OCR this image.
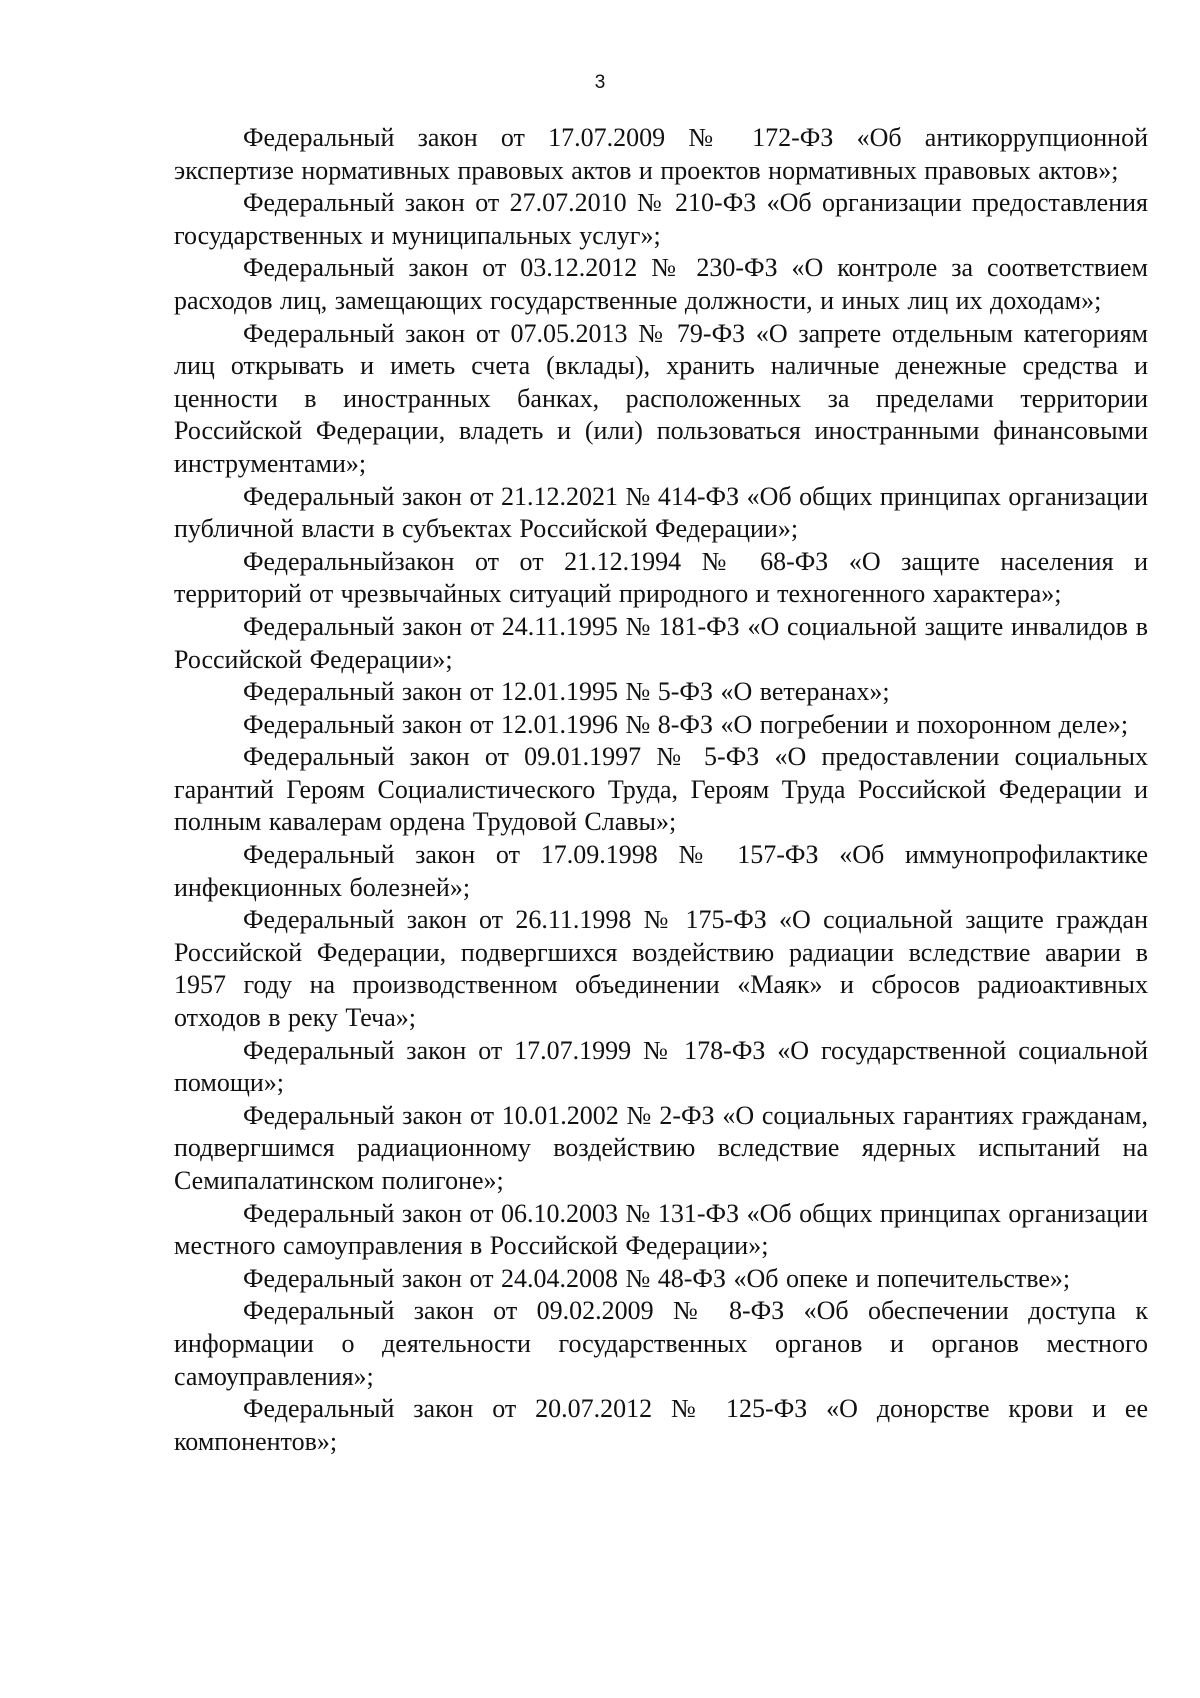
3

Федеральный закон от 17.07.2009 № 172-ФЗ «Об антикоррупционной экспертизе нормативных правовых актов и проектов нормативных правовых актов»;

Федеральный закон от 27.07.2010 № 210-ФЗ «Об организации предоставления государственных и муниципальных услуг»;

Федеральный закон от 03.12.2012 № 230-ФЗ «О контроле за соответствием расходов лиц, замещающих государственные должности, и иных лиц их доходам»;

Федеральный закон от 07.05.2013 № 79-ФЗ «О запрете отдельным категориям лиц открывать и иметь счета (вклады), хранить наличные денежные средства и ценности в иностранных банках, расположенных за пределами территории Российской Федерации, владеть и (или) пользоваться иностранными финансовыми инструментами»;

Федеральный закон от 21.12.2021 № 414-ФЗ «Об общих принципах организации публичной власти в субъектах Российской Федерации»;

Федеральныйзакон от от 21.12.1994 № 68-ФЗ «О защите населения и территорий от чрезвычайных ситуаций природного и техногенного характера»;

Федеральный закон от 24.11.1995 № 181-ФЗ «О социальной защите инвалидов в Российской Федерации»;

Федеральный закон от 12.01.1995 № 5-ФЗ «О ветеранах»;

Федеральный закон от 12.01.1996 № 8-ФЗ «О погребении и похоронном деле»;

Федеральный закон от 09.01.1997 № 5-ФЗ «О предоставлении социальных гарантий Героям Социалистического Труда, Героям Труда Российской Федерации и полным кавалерам ордена Трудовой Славы»;

Федеральный закон от 17.09.1998 № 157-ФЗ «Об иммунопрофилактике инфекционных болезней»;

Федеральный закон от 26.11.1998 № 175-ФЗ «О социальной защите граждан Российской Федерации, подвергшихся воздействию радиации вследствие аварии в 1957 году на производственном объединении «Маяк» и сбросов радиоактивных отходов в реку Теча»;

Федеральный закон от 17.07.1999 № 178-ФЗ «О государственной социальной помощи»;

Федеральный закон от 10.01.2002 № 2-ФЗ «О социальных гарантиях гражданам, подвергшимся радиационному воздействию вследствие ядерных испытаний на Семипалатинском полигоне»;

Федеральный закон от 06.10.2003 № 131-ФЗ «Об общих принципах организации местного самоуправления в Российской Федерации»;

Федеральный закон от 24.04.2008 № 48-ФЗ «Об опеке и попечительстве»;

Федеральный закон от 09.02.2009 № 8-ФЗ «Об обеспечении доступа к информации о деятельности государственных органов и органов местного самоуправления»;

Федеральный закон от 20.07.2012 № 125-ФЗ «О донорстве крови и ее компонентов»;
